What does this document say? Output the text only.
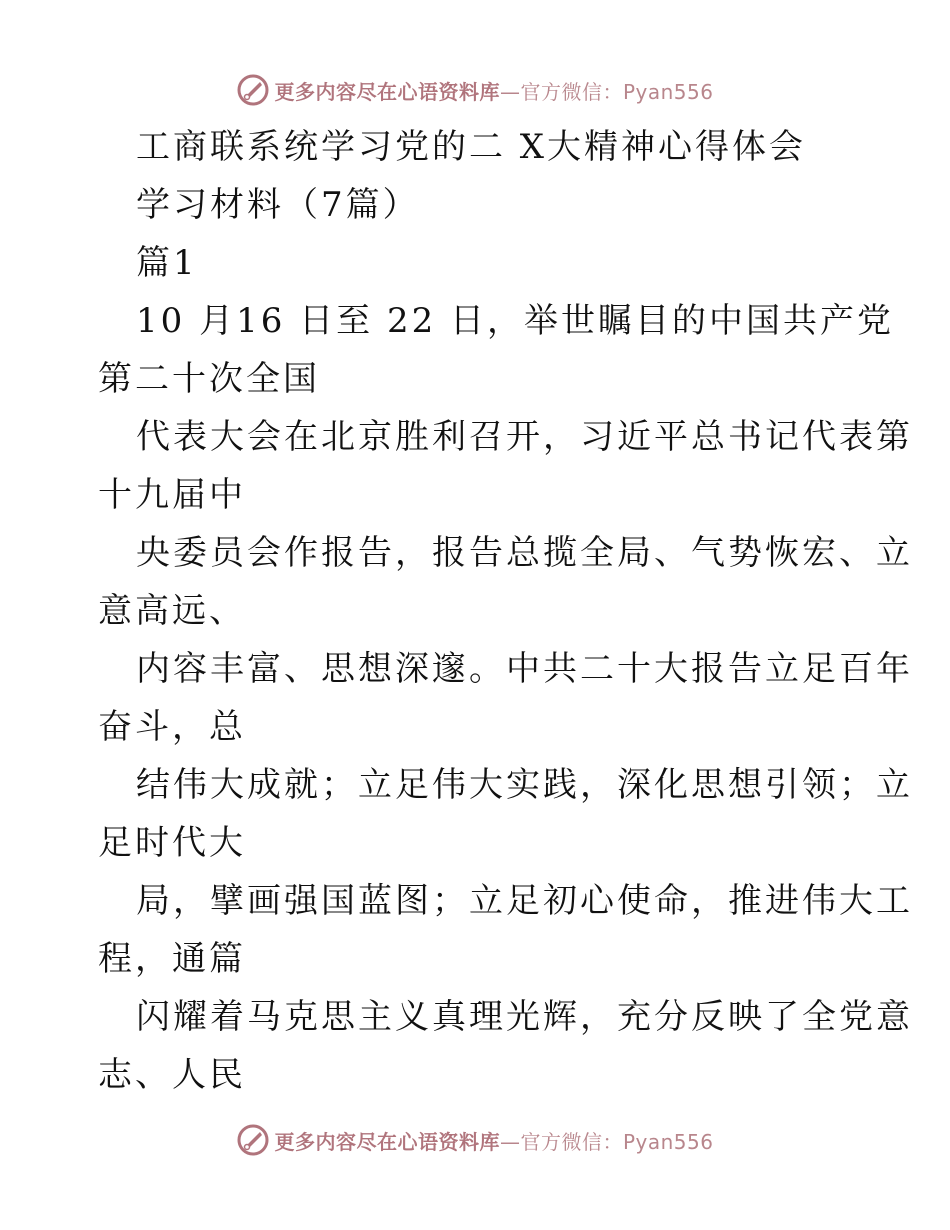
更多内容尽在心语资料库—官方微信：Pyan556
工商联系统学习党的二 X大精神心得体会
学习材料（7篇）
篇1
10 月16 日至 22 日，举世瞩目的中国共产党
第二十次全国
代表大会在北京胜利召开，习近平总书记代表第
十九届中
央委员会作报告，报告总揽全局、气势恢宏、立
意高远、
内容丰富、思想深邃。中共二十大报告立足百年
奋斗，总
结伟大成就；立足伟大实践，深化思想引领；立
足时代大
局，擘画强国蓝图；立足初心使命，推进伟大工
程，通篇
闪耀着马克思主义真理光辉，充分反映了全党意
志、人民
更多内容尽在心语资料库—官方微信：Pyan556
